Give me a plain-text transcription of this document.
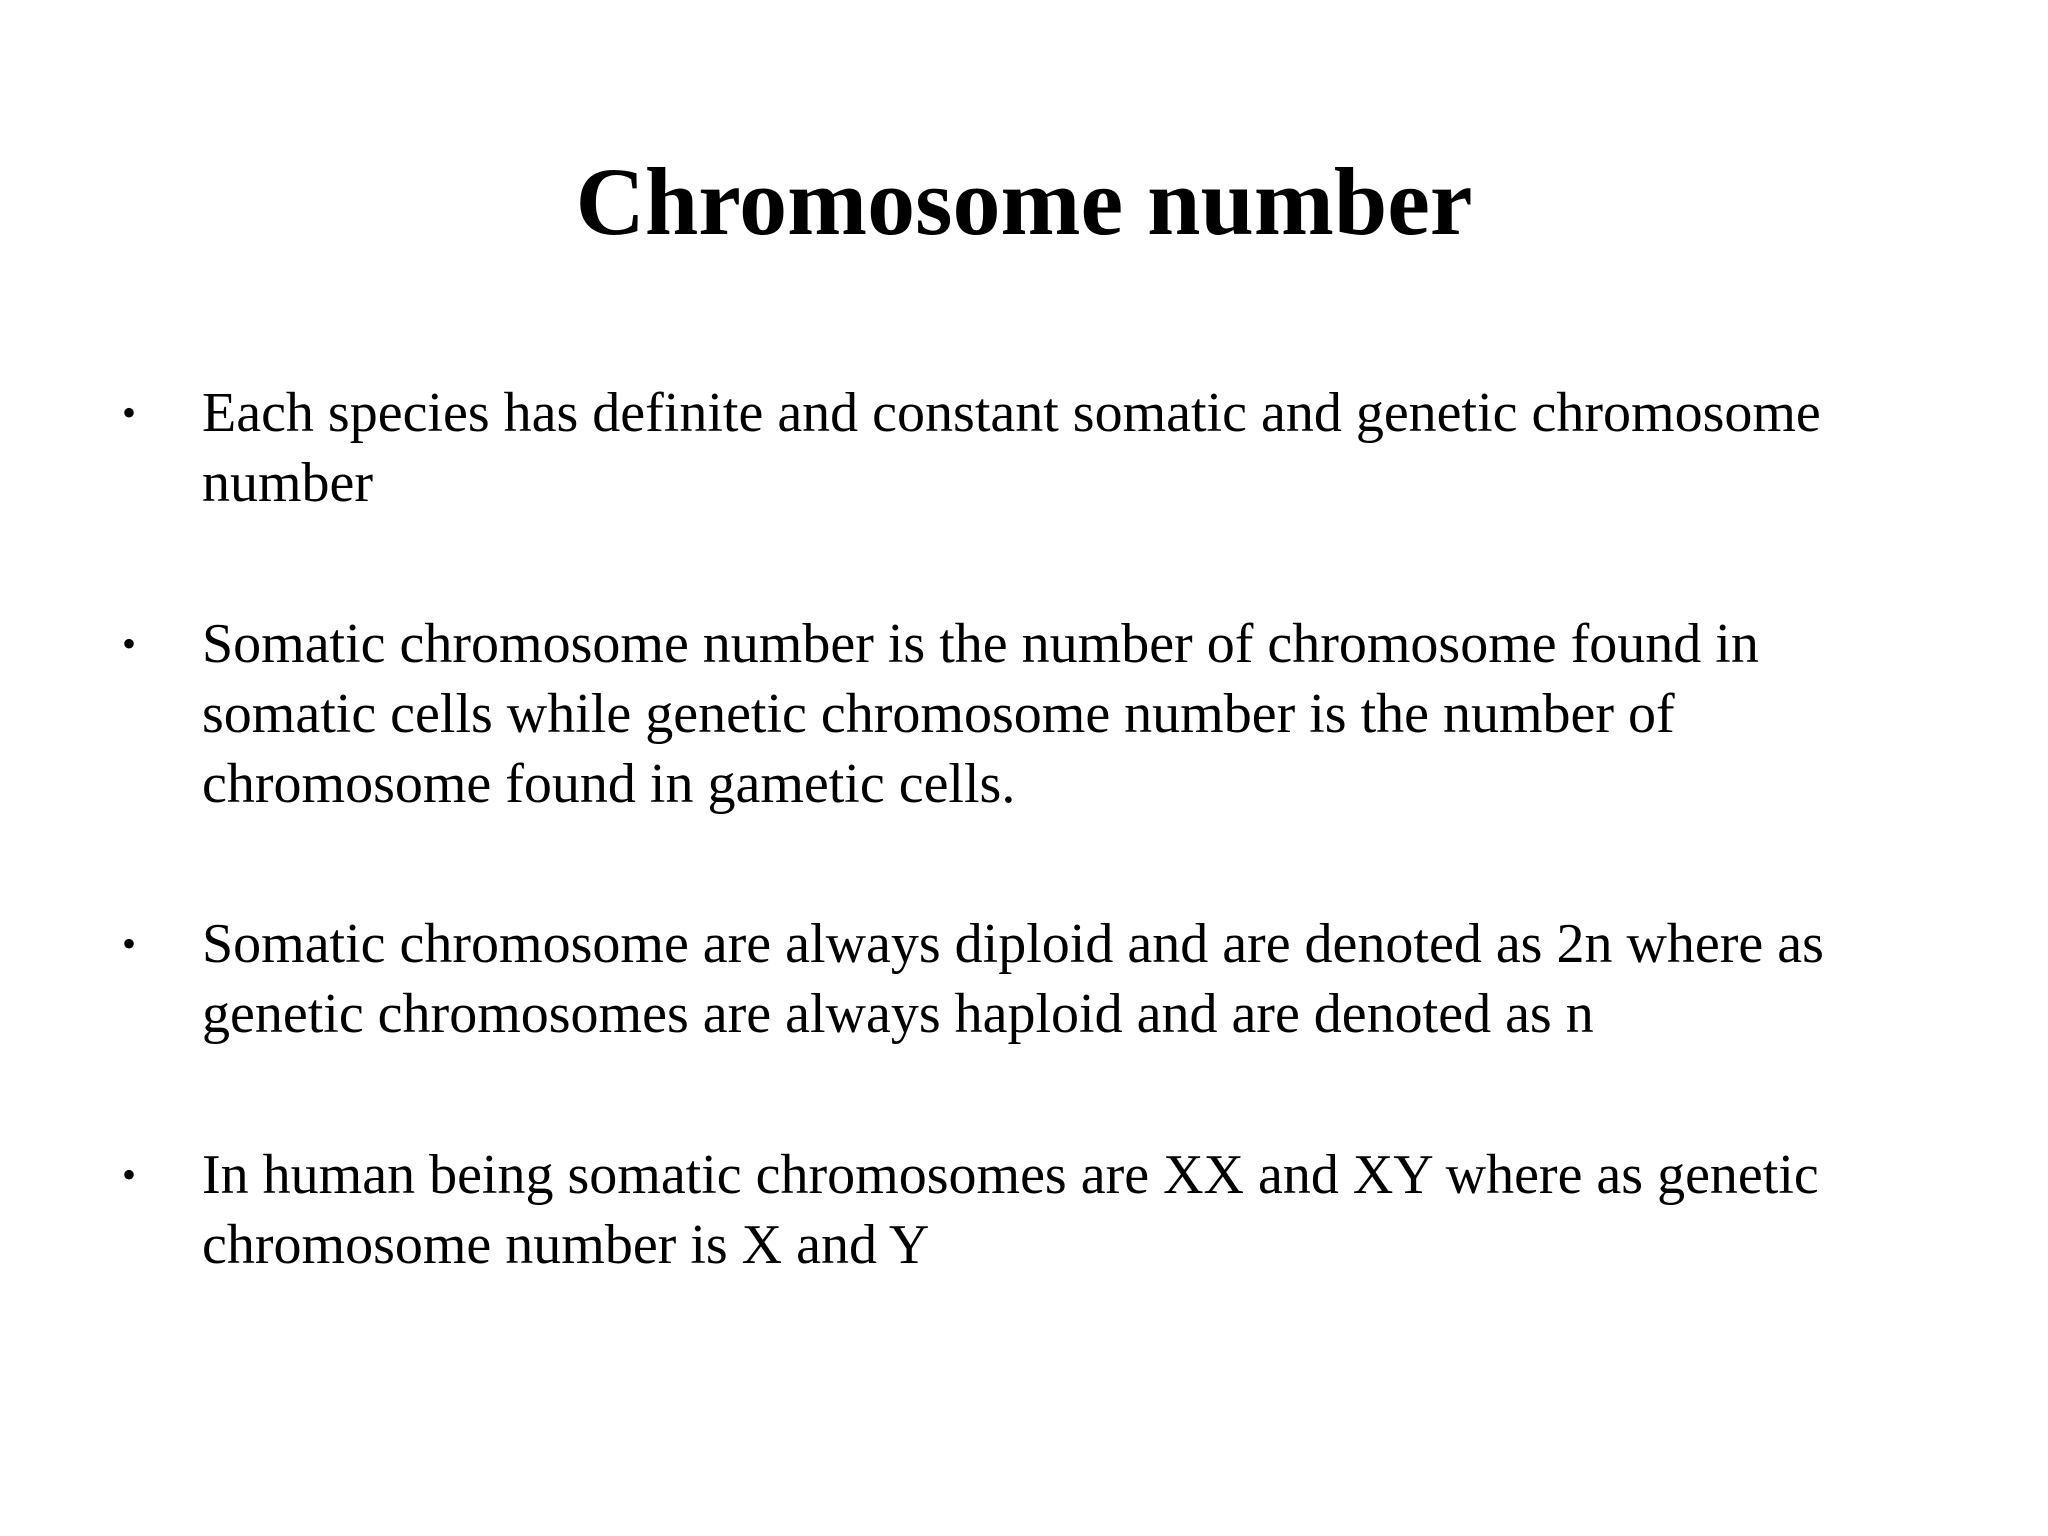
Chromosome number
• Each species has definite and constant somatic and genetic chromosome
number

• Somatic chromosome number is the number of chromosome found in
somatic cells while genetic chromosome number is the number of
chromosome found in gametic cells.

• Somatic chromosome are always diploid and are denoted as 2n where as
genetic chromosomes are always haploid and are denoted as n

• In human being somatic chromosomes are XX and XY where as genetic
chromosome number is X and Y
